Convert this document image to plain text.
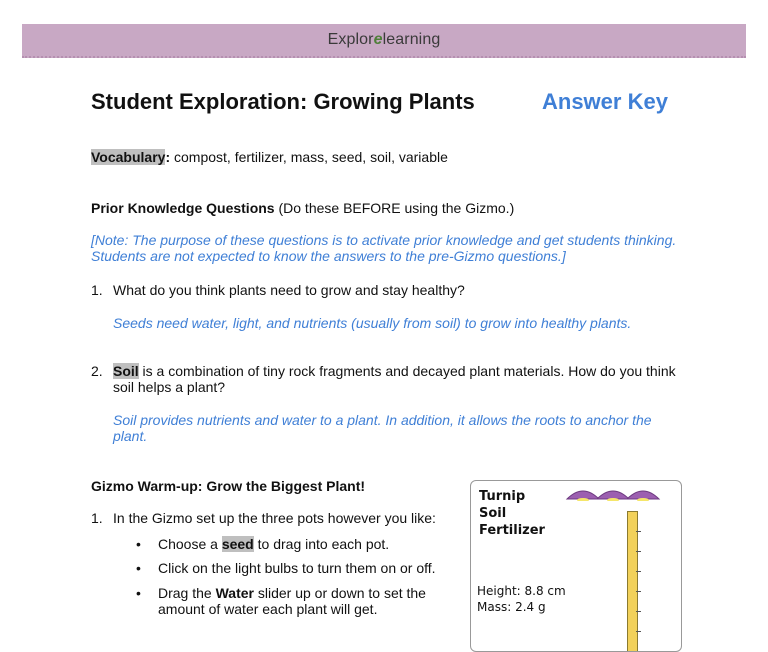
Explorelearning
Student Exploration: Growing Plants	Answer Key
Vocabulary: compost, fertilizer, mass, seed, soil, variable
Prior Knowledge Questions (Do these BEFORE using the Gizmo.)
[Note: The purpose of these questions is to activate prior knowledge and get students thinking.
Students are not expected to know the answers to the pre-Gizmo questions.]
1. What do you think plants need to grow and stay healthy?
Seeds need water, light, and nutrients (usually from soil) to grow into healthy plants.
2. Soil is a combination of tiny rock fragments and decayed plant materials. How do you think
soil helps a plant?
Soil provides nutrients and water to a plant. In addition, it allows the roots to anchor the
plant.
Gizmo Warm-up: Grow the Biggest Plant!
1. In the Gizmo set up the three pots however you like:
• Choose a seed to drag into each pot.
• Click on the light bulbs to turn them on or off.
• Drag the Water slider up or down to set the
amount of water each plant will get.
Turnip
Soil
Fertilizer
Height: 8.8 cm
Mass: 2.4 g
